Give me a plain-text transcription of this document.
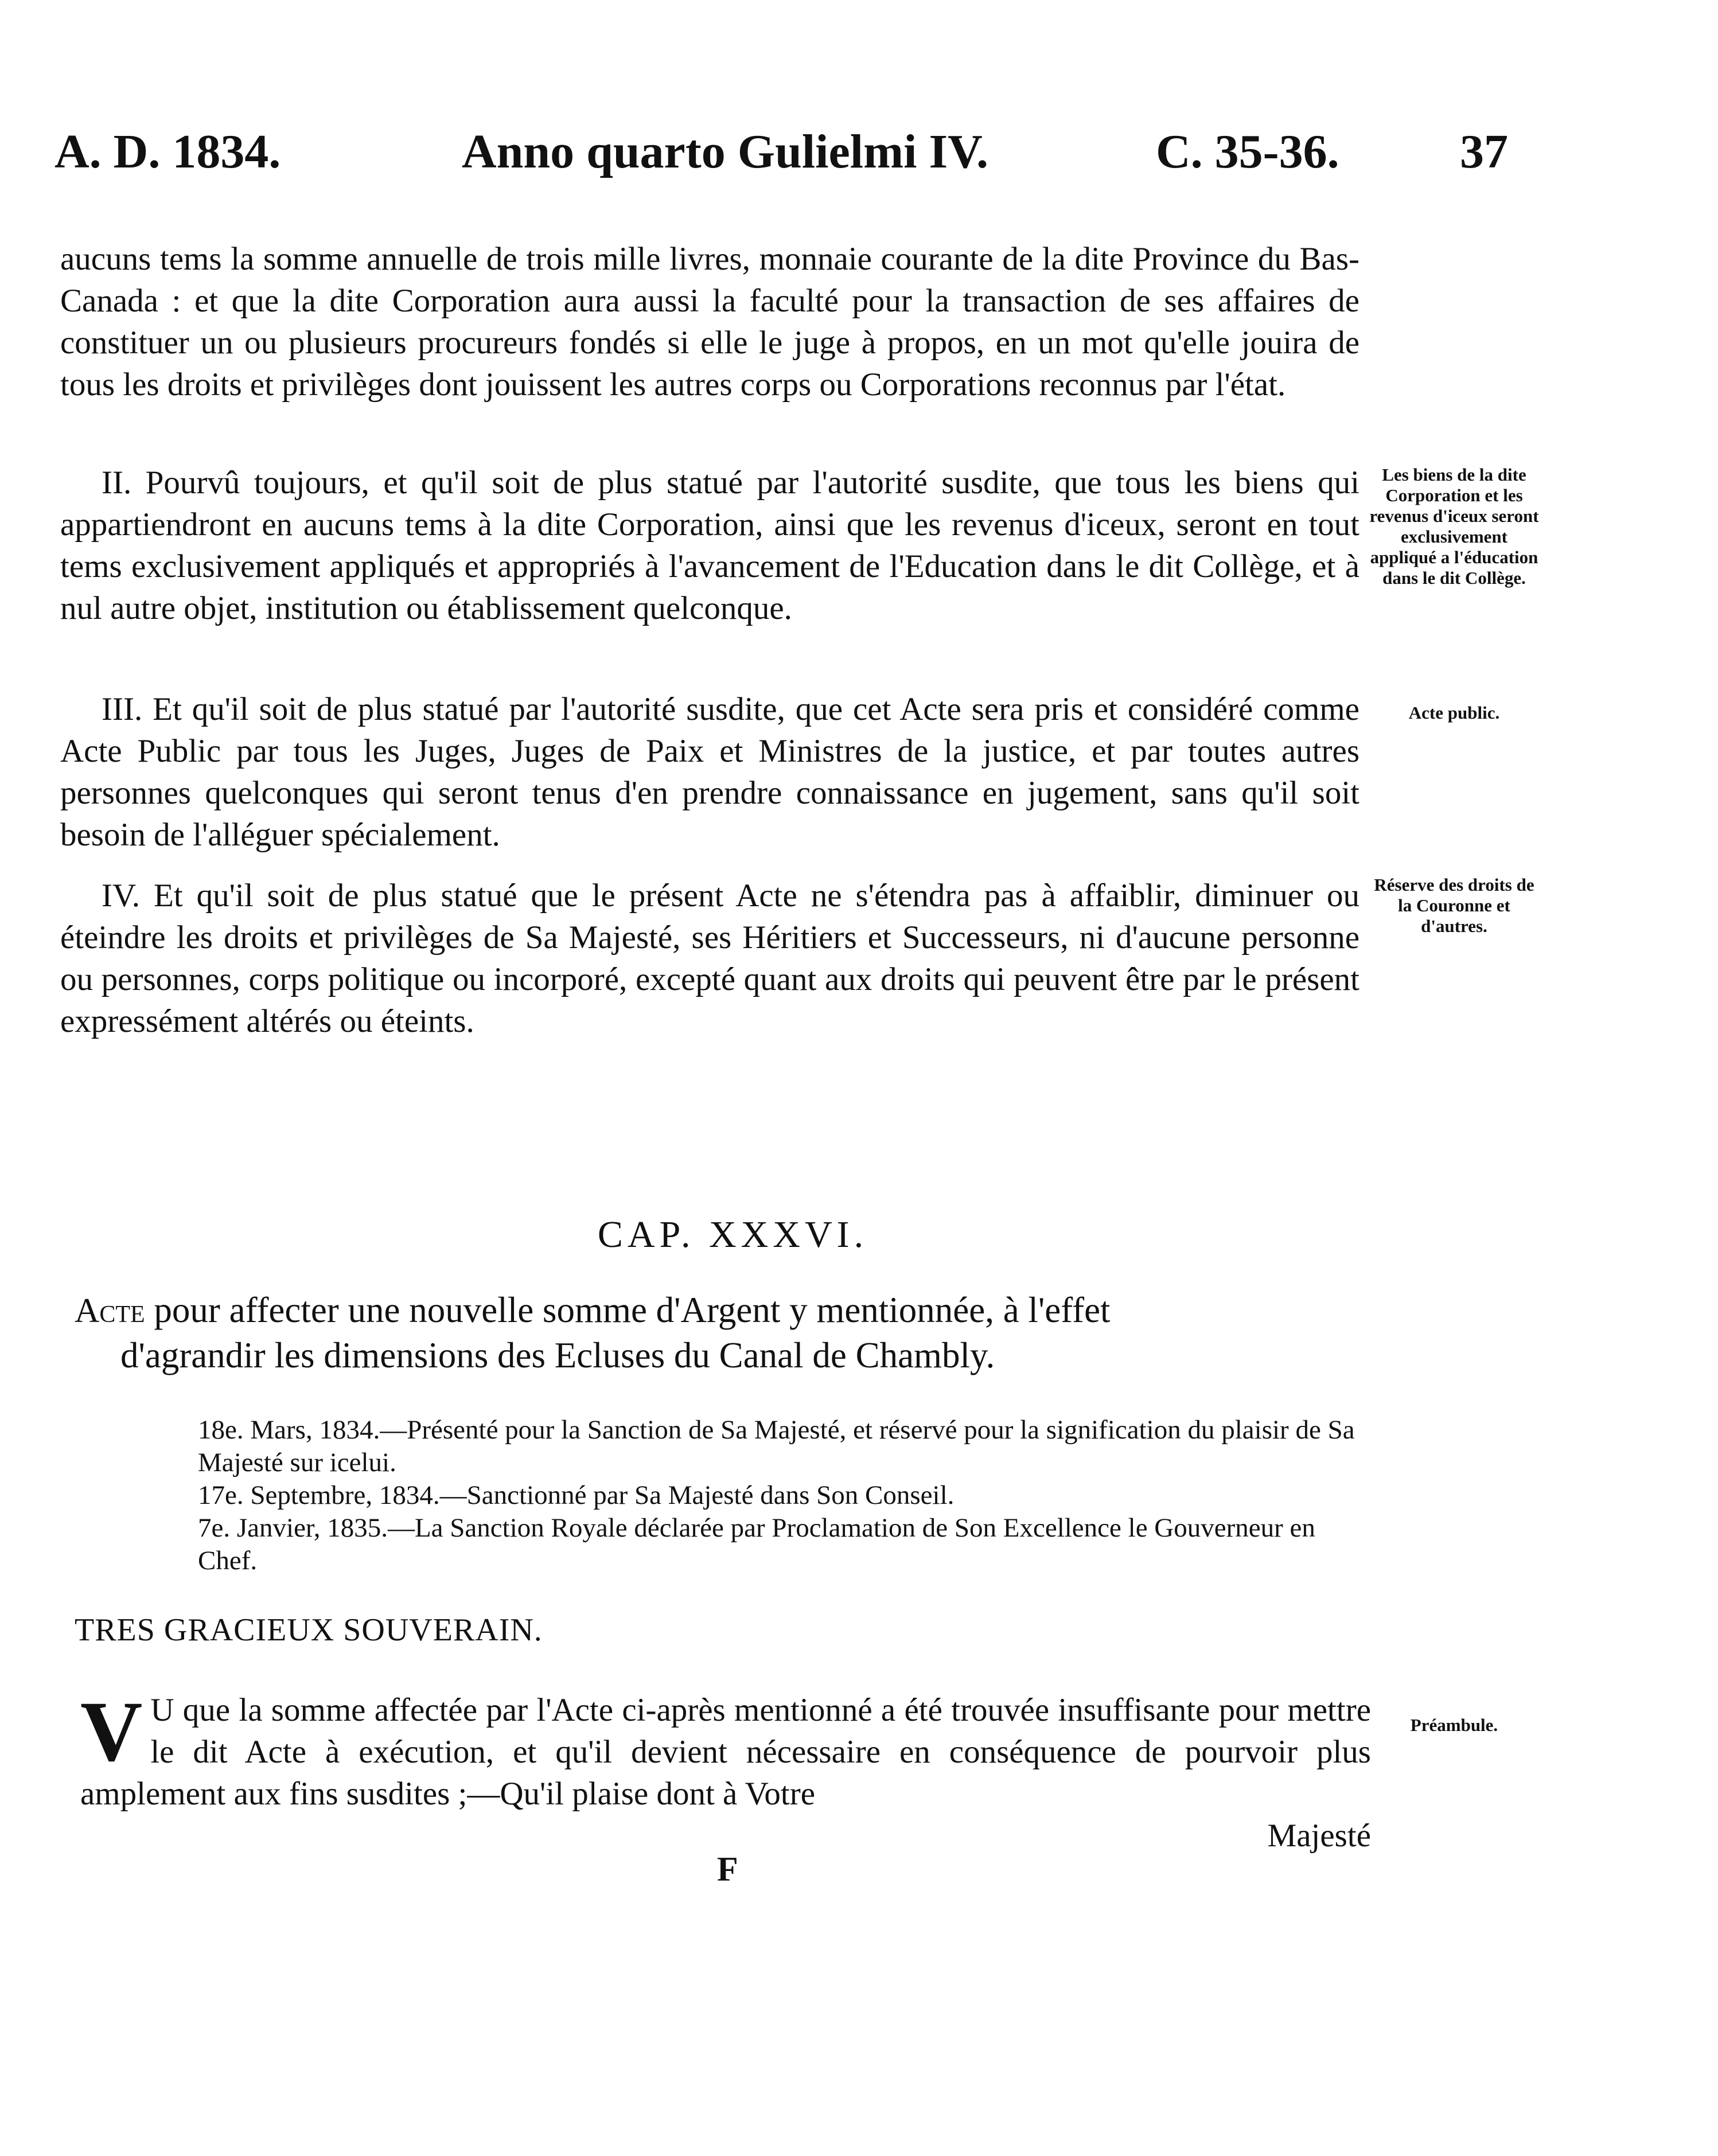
A. D. 1834.	Anno quarto Gulielmi IV.	C. 35-36.	37

aucuns tems la somme annuelle de trois mille livres, monnaie courante de la dite Province du Bas-Canada : et que la dite Corporation aura aussi la faculté pour la transaction de ses affaires de constituer un ou plusieurs procureurs fondés si elle le juge à propos, en un mot qu'elle jouira de tous les droits et privilèges dont jouissent les autres corps ou Corporations reconnus par l'état.

II. Pourvû toujours, et qu'il soit de plus statué par l'autorité susdite, que tous les biens qui appartiendront en aucuns tems à la dite Corporation, ainsi que les revenus d'iceux, seront en tout tems exclusivement appliqués et appropriés à l'avancement de l'Education dans le dit Collège, et à nul autre objet, institution ou établissement quelconque.

III. Et qu'il soit de plus statué par l'autorité susdite, que cet Acte sera pris et considéré comme Acte Public par tous les Juges, Juges de Paix et Ministres de la justice, et par toutes autres personnes quelconques qui seront tenus d'en prendre connaissance en jugement, sans qu'il soit besoin de l'alléguer spécialement.

IV. Et qu'il soit de plus statué que le présent Acte ne s'étendra pas à affaiblir, diminuer ou éteindre les droits et privilèges de Sa Majesté, ses Héritiers et Successeurs, ni d'aucune personne ou personnes, corps politique ou incorporé, excepté quant aux droits qui peuvent être par le présent expressément altérés ou éteints.

Les biens de la dite Corporation et les revenus d'iceux seront exclusivement appliqué a l'éducation dans le dit Collège.
Acte public.
Réserve des droits de la Couronne et d'autres.
Préambule.
CAP. XXXVI.
Acte pour affecter une nouvelle somme d'Argent y mentionnée, à l'effet
d'agrandir les dimensions des Ecluses du Canal de Chambly.

18e. Mars, 1834.—Présenté pour la Sanction de Sa Majesté, et réservé pour la signification du plaisir de Sa Majesté sur icelui.

17e. Septembre, 1834.—Sanctionné par Sa Majesté dans Son Conseil.

7e. Janvier, 1835.—La Sanction Royale déclarée par Proclamation de Son Excellence le Gouverneur en Chef.

TRES GRACIEUX SOUVERAIN.

V U que la somme affectée par l'Acte ci-après mentionné a été trouvée insuffisante pour mettre le dit Acte à exécution, et qu'il devient nécessaire en conséquence de pourvoir plus amplement aux fins susdites ;—Qu'il plaise dont à Votre

Majesté

F
